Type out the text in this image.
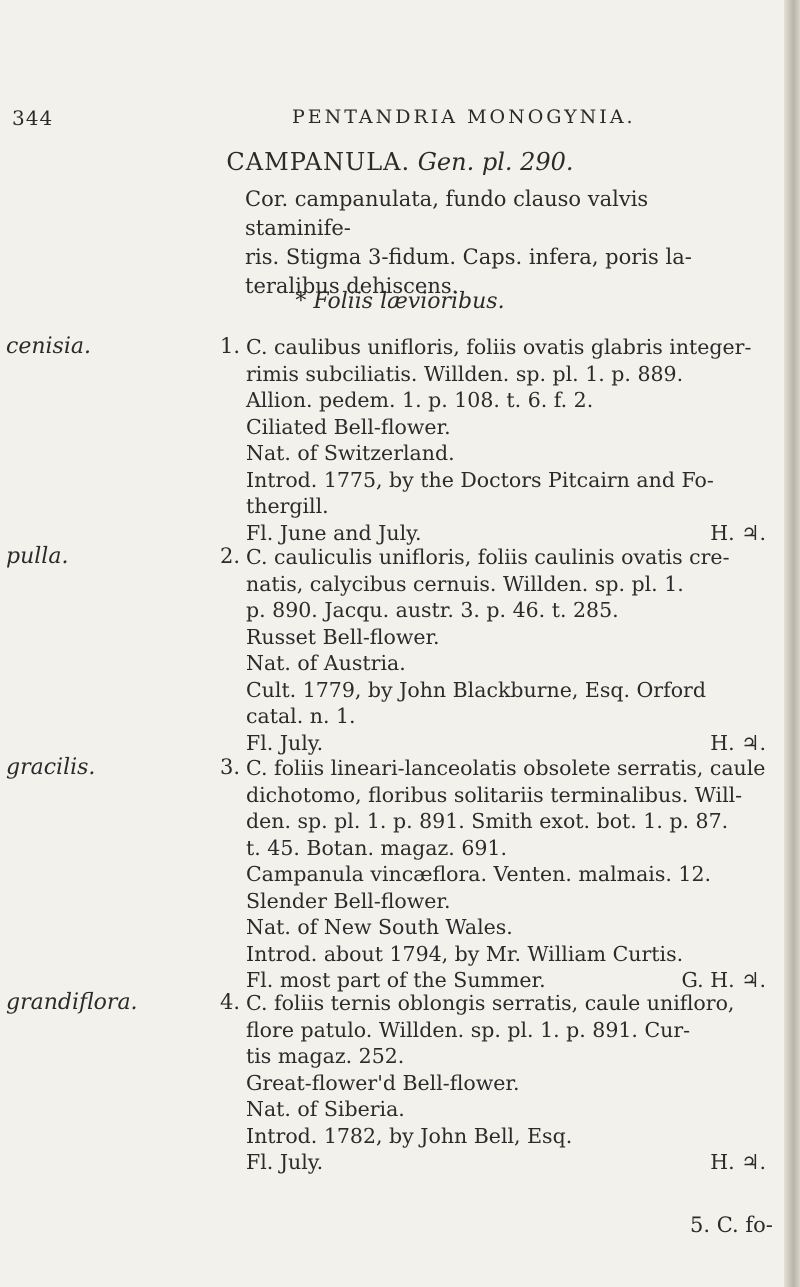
344	PENTANDRIA MONOGYNIA.
CAMPANULA. Gen. pl. 290.
Cor. campanulata, fundo clauso valvis staminife-
ris. Stigma 3-fidum. Caps. infera, poris la-
teralibus dehiscens.
* Foliis lævioribus.
cenisia.	1. C. caulibus unifloris, foliis ovatis glabris integer-
rimis subciliatis. Willden. sp. pl. 1. p. 889.
Allion. pedem. 1. p. 108. t. 6. f. 2.
Ciliated Bell-flower.
Nat. of Switzerland.
Introd. 1775, by the Doctors Pitcairn and Fo-
thergill.
Fl. June and July.	H. ♃.
pulla.	2. C. cauliculis unifloris, foliis caulinis ovatis cre-
natis, calycibus cernuis. Willden. sp. pl. 1.
p. 890. Jacqu. austr. 3. p. 46. t. 285.
Russet Bell-flower.
Nat. of Austria.
Cult. 1779, by John Blackburne, Esq. Orford
catal. n. 1.
Fl. July.	H. ♃.
gracilis.	3. C. foliis lineari-lanceolatis obsolete serratis, caule
dichotomo, floribus solitariis terminalibus. Will-
den. sp. pl. 1. p. 891. Smith exot. bot. 1. p. 87.
t. 45. Botan. magaz. 691.
Campanula vincæflora. Venten. malmais. 12.
Slender Bell-flower.
Nat. of New South Wales.
Introd. about 1794, by Mr. William Curtis.
Fl. most part of the Summer.	G. H. ♃.
grandiflora.	4. C. foliis ternis oblongis serratis, caule unifloro,
flore patulo. Willden. sp. pl. 1. p. 891. Cur-
tis magaz. 252.
Great-flower'd Bell-flower.
Nat. of Siberia.
Introd. 1782, by John Bell, Esq.
Fl. July.	H. ♃.
5. C. fo-
